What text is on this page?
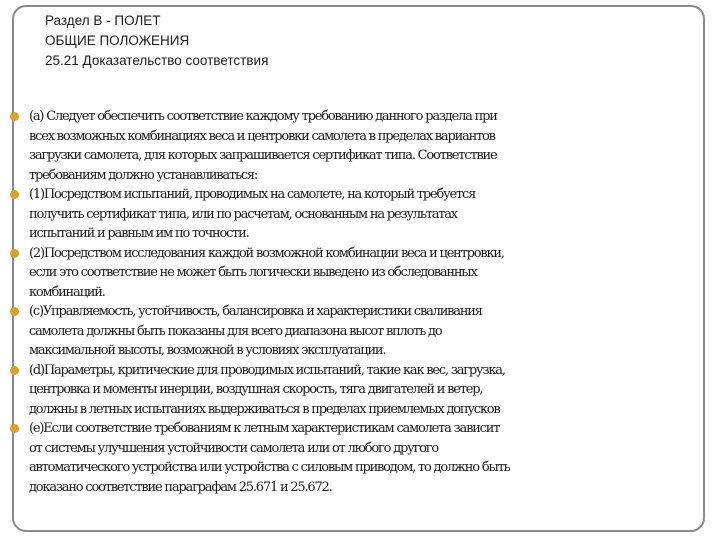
Раздел B - ПОЛЕТ
ОБЩИЕ ПОЛОЖЕНИЯ
25.21 Доказательство соответствия
(a) Следует обеспечить соответствие каждому требованию данного раздела при
всех возможных комбинациях веса и центровки самолета в пределах вариантов
загрузки самолета, для которых запрашивается сертификат типа. Соответствие
требованиям должно устанавливаться:
(1)Посредством испытаний, проводимых на самолете, на который требуется
получить сертификат типа, или по расчетам, основанным на результатах
испытаний и равным им по точности.
(2)Посредством исследования каждой возможной комбинации веса и центровки,
если это соответствие не может быть логически выведено из обследованных
комбинаций.
(c)Управляемость, устойчивость, балансировка и характеристики сваливания
самолета должны быть показаны для всего диапазона высот вплоть до
максимальной высоты, возможной в условиях эксплуатации.
(d)Параметры, критические для проводимых испытаний, такие как вес, загрузка,
центровка и моменты инерции, воздушная скорость, тяга двигателей и ветер,
должны в летных испытаниях выдерживаться в пределах приемлемых допусков
(e)Если соответствие требованиям к летным характеристикам самолета зависит
от системы улучшения устойчивости самолета или от любого другого
автоматического устройства или устройства с силовым приводом, то должно быть
доказано соответствие параграфам 25.671 и 25.672.
